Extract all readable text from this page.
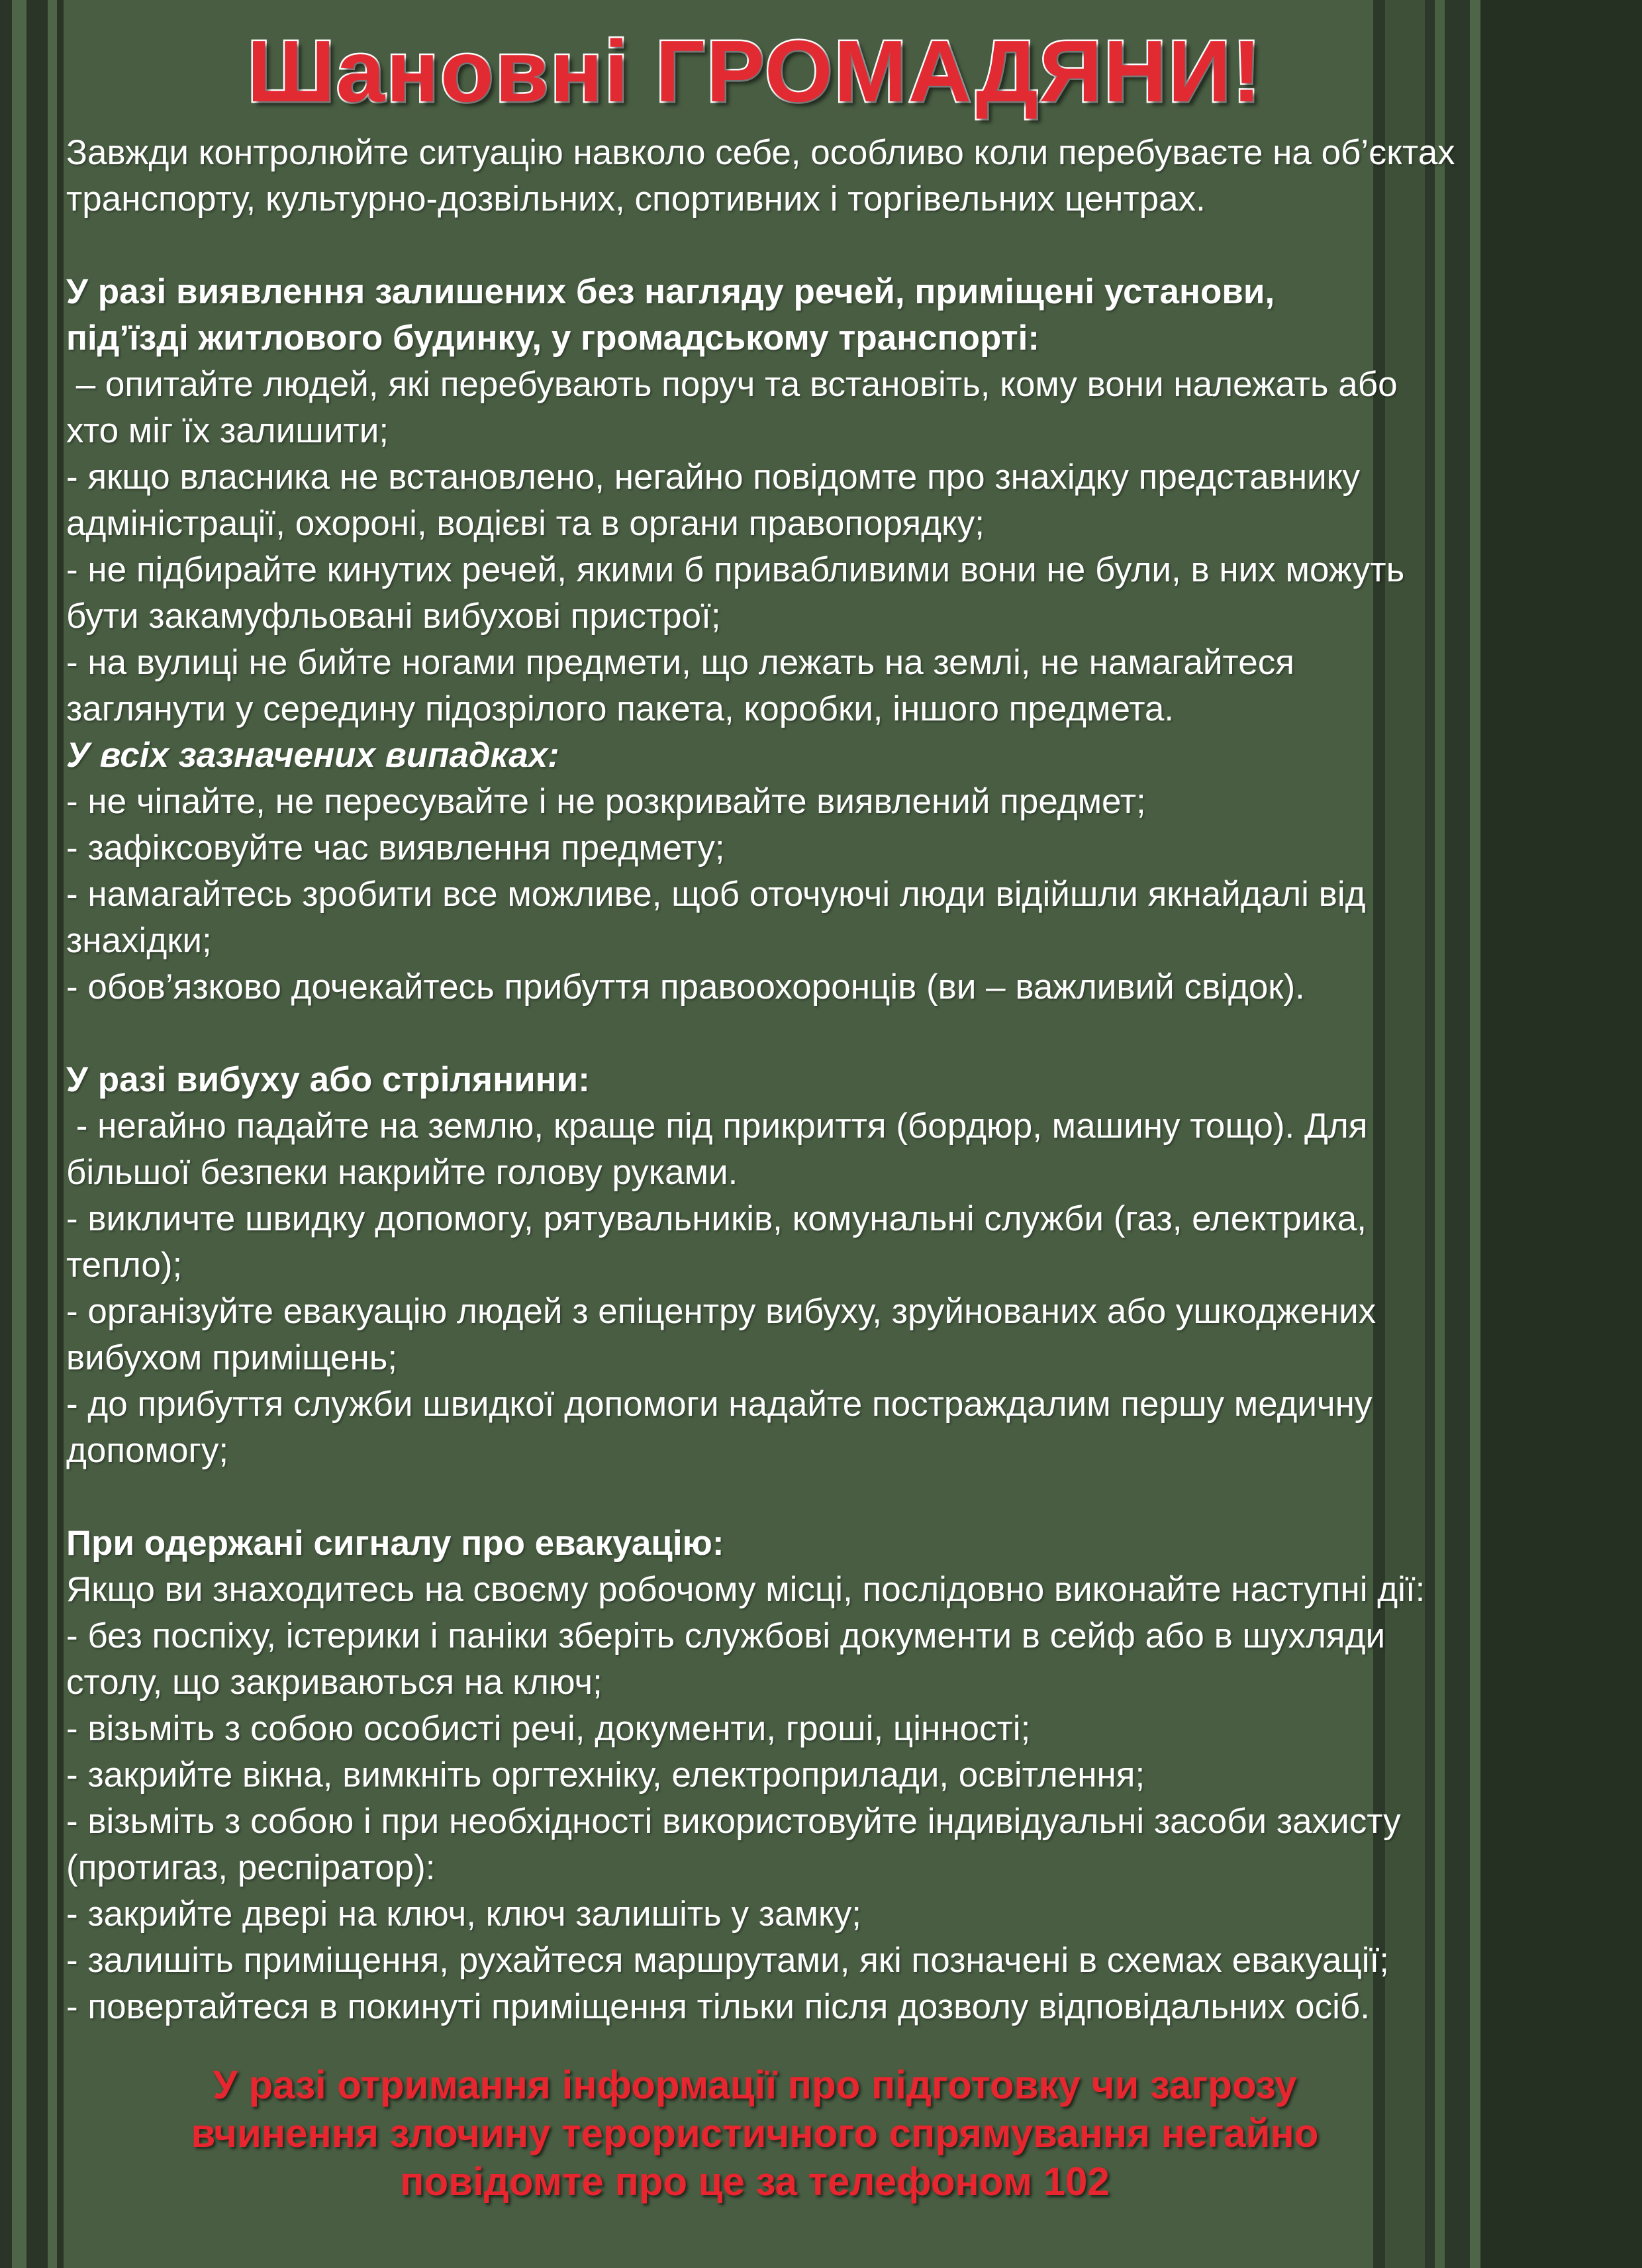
Шановні ГРОМАДЯНИ!
Завжди контролюйте ситуацію навколо себе, особливо коли перебуваєте на об’єктах
транспорту, культурно-дозвільних, спортивних і торгівельних центрах.
У разі виявлення залишених без нагляду речей, приміщені установи,
під’їзді житлового будинку, у громадському транспорті:
– опитайте людей, які перебувають поруч та встановіть, кому вони належать або
хто міг їх залишити;
- якщо власника не встановлено, негайно повідомте про знахідку представнику
адміністрації, охороні, водієві та в органи правопорядку;
- не підбирайте кинутих речей, якими б привабливими вони не були, в них можуть
бути закамуфльовані вибухові пристрої;
- на вулиці не бийте ногами предмети, що лежать на землі, не намагайтеся
заглянути у середину підозрілого пакета, коробки, іншого предмета.
У всіх зазначених випадках:
- не чіпайте, не пересувайте і не розкривайте виявлений предмет;
- зафіксовуйте час виявлення предмету;
- намагайтесь зробити все можливе, щоб оточуючі люди відійшли якнайдалі від
знахідки;
- обов’язково дочекайтесь прибуття правоохоронців (ви – важливий свідок).
У разі вибуху або стрілянини:
- негайно падайте на землю, краще під прикриття (бордюр, машину тощо). Для
більшої безпеки накрийте голову руками.
- викличте швидку допомогу, рятувальників, комунальні служби (газ, електрика,
тепло);
- організуйте евакуацію людей з епіцентру вибуху, зруйнованих або ушкоджених
вибухом приміщень;
- до прибуття служби швидкої допомоги надайте постраждалим першу медичну
допомогу;
При одержані сигналу про евакуацію:
Якщо ви знаходитесь на своєму робочому місці, послідовно виконайте наступні дії:
- без поспіху, істерики і паніки зберіть службові документи в сейф або в шухляди
столу, що закриваються на ключ;
- візьміть з собою особисті речі, документи, гроші, цінності;
- закрийте вікна, вимкніть оргтехніку, електроприлади, освітлення;
- візьміть з собою і при необхідності використовуйте індивідуальні засоби захисту
(протигаз, респіратор):
- закрийте двері на ключ, ключ залишіть у замку;
- залишіть приміщення, рухайтеся маршрутами, які позначені в схемах евакуації;
- повертайтеся в покинуті приміщення тільки після дозволу відповідальних осіб.
У разі отримання інформації про підготовку чи загрозу
вчинення злочину терористичного спрямування негайно
повідомте про це за телефоном 102
